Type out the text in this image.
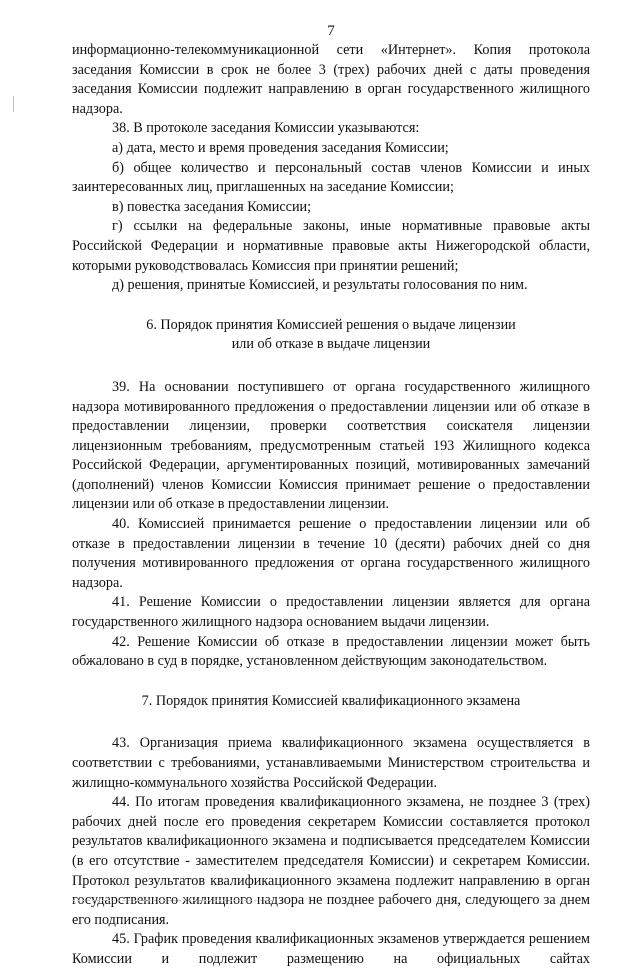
7

информационно-телекоммуникационной сети «Интернет». Копия протокола заседания Комиссии в срок не более 3 (трех) рабочих дней с даты проведения заседания Комиссии подлежит направлению в орган государственного жилищного надзора.

38. В протоколе заседания Комиссии указываются:

а) дата, место и время проведения заседания Комиссии;

б) общее количество и персональный состав членов Комиссии и иных заинтересованных лиц, приглашенных на заседание Комиссии;

в) повестка заседания Комиссии;

г) ссылки на федеральные законы, иные нормативные правовые акты Российской Федерации и нормативные правовые акты Нижегородской области, которыми руководствовалась Комиссия при принятии решений;

д) решения, принятые Комиссией, и результаты голосования по ним.

6. Порядок принятия Комиссией решения о выдаче лицензии

или об отказе в выдаче лицензии

39. На основании поступившего от органа государственного жилищного надзора мотивированного предложения о предоставлении лицензии или об отказе в предоставлении лицензии, проверки соответствия соискателя лицензии лицензионным требованиям, предусмотренным статьей 193 Жилищного кодекса Российской Федерации, аргументированных позиций, мотивированных замечаний (дополнений) членов Комиссии Комиссия принимает решение о предоставлении лицензии или об отказе в предоставлении лицензии.

40. Комиссией принимается решение о предоставлении лицензии или об отказе в предоставлении лицензии в течение 10 (десяти) рабочих дней со дня получения мотивированного предложения от органа государственного жилищного надзора.

41. Решение Комиссии о предоставлении лицензии является для органа государственного жилищного надзора основанием выдачи лицензии.

42. Решение Комиссии об отказе в предоставлении лицензии может быть обжаловано в суд в порядке, установленном действующим законодательством.

7. Порядок принятия Комиссией квалификационного экзамена

43. Организация приема квалификационного экзамена осуществляется в соответствии с требованиями, устанавливаемыми Министерством строительства и жилищно-коммунального хозяйства Российской Федерации.

44. По итогам проведения квалификационного экзамена, не позднее 3 (трех) рабочих дней после его проведения секретарем Комиссии составляется протокол результатов квалификационного экзамена и подписывается председателем Комиссии (в его отсутствие - заместителем председателя Комиссии) и секретарем Комиссии. Протокол результатов квалификационного экзамена подлежит направлению в орган государственного жилищного надзора не позднее рабочего дня, следующего за днем его подписания.

45. График проведения квалификационных экзаменов утверждается решением Комиссии и подлежит размещению на официальных сайтах
